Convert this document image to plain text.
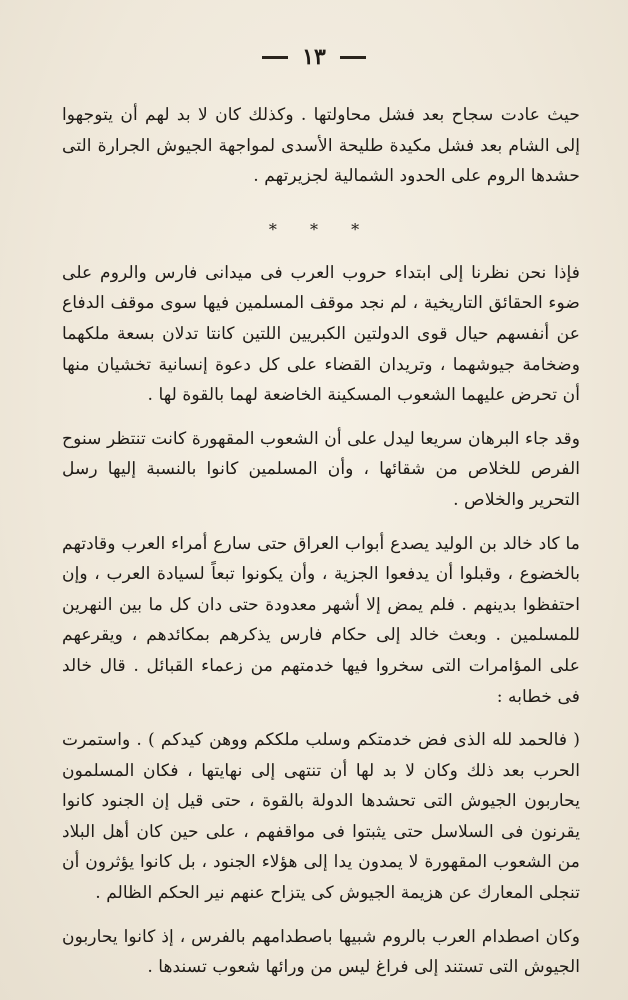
١٣

حيث عادت سجاح بعد فشل محاولتها . وكذلك كان لا بد لهم أن يتوجهوا إلى الشام بعد فشل مكيدة طليحة الأسدى لمواجهة الجيوش الجرارة التى حشدها الروم على الحدود الشمالية لجزيرتهم .

* * *

فإذا نحن نظرنا إلى ابتداء حروب العرب فى ميدانى فارس والروم على ضوء الحقائق التاريخية ، لم نجد موقف المسلمين فيها سوى موقف الدفاع عن أنفسهم حيال قوى الدولتين الكبريين اللتين كانتا تدلان بسعة ملكهما وضخامة جيوشهما ، وتريدان القضاء على كل دعوة إنسانية تخشيان منها أن تحرض عليهما الشعوب المسكينة الخاضعة لهما بالقوة لها .

وقد جاء البرهان سريعا ليدل على أن الشعوب المقهورة كانت تنتظر سنوح الفرص للخلاص من شقائها ، وأن المسلمين كانوا بالنسبة إليها رسل التحرير والخلاص .

ما كاد خالد بن الوليد يصدع أبواب العراق حتى سارع أمراء العرب وقادتهم بالخضوع ، وقبلوا أن يدفعوا الجزية ، وأن يكونوا تبعاً لسيادة العرب ، وإن احتفظوا بدينهم . فلم يمض إلا أشهر معدودة حتى دان كل ما بين النهرين للمسلمين . وبعث خالد إلى حكام فارس يذكرهم بمكائدهم ، ويقرعهم على المؤامرات التى سخروا فيها خدمتهم من زعماء القبائل . قال خالد فى خطابه :

( فالحمد لله الذى فض خدمتكم وسلب ملككم ووهن كيدكم ) . واستمرت الحرب بعد ذلك وكان لا بد لها أن تنتهى إلى نهايتها ، فكان المسلمون يحاربون الجيوش التى تحشدها الدولة بالقوة ، حتى قيل إن الجنود كانوا يقرنون فى السلاسل حتى يثبتوا فى مواقفهم ، على حين كان أهل البلاد من الشعوب المقهورة لا يمدون يدا إلى هؤلاء الجنود ، بل كانوا يؤثرون أن تنجلى المعارك عن هزيمة الجيوش كى يتزاح عنهم نير الحكم الظالم .

وكان اصطدام العرب بالروم شبيها باصطدامهم بالفرس ، إذ كانوا يحاربون الجيوش التى تستند إلى فراغ ليس من ورائها شعوب تسندها .
